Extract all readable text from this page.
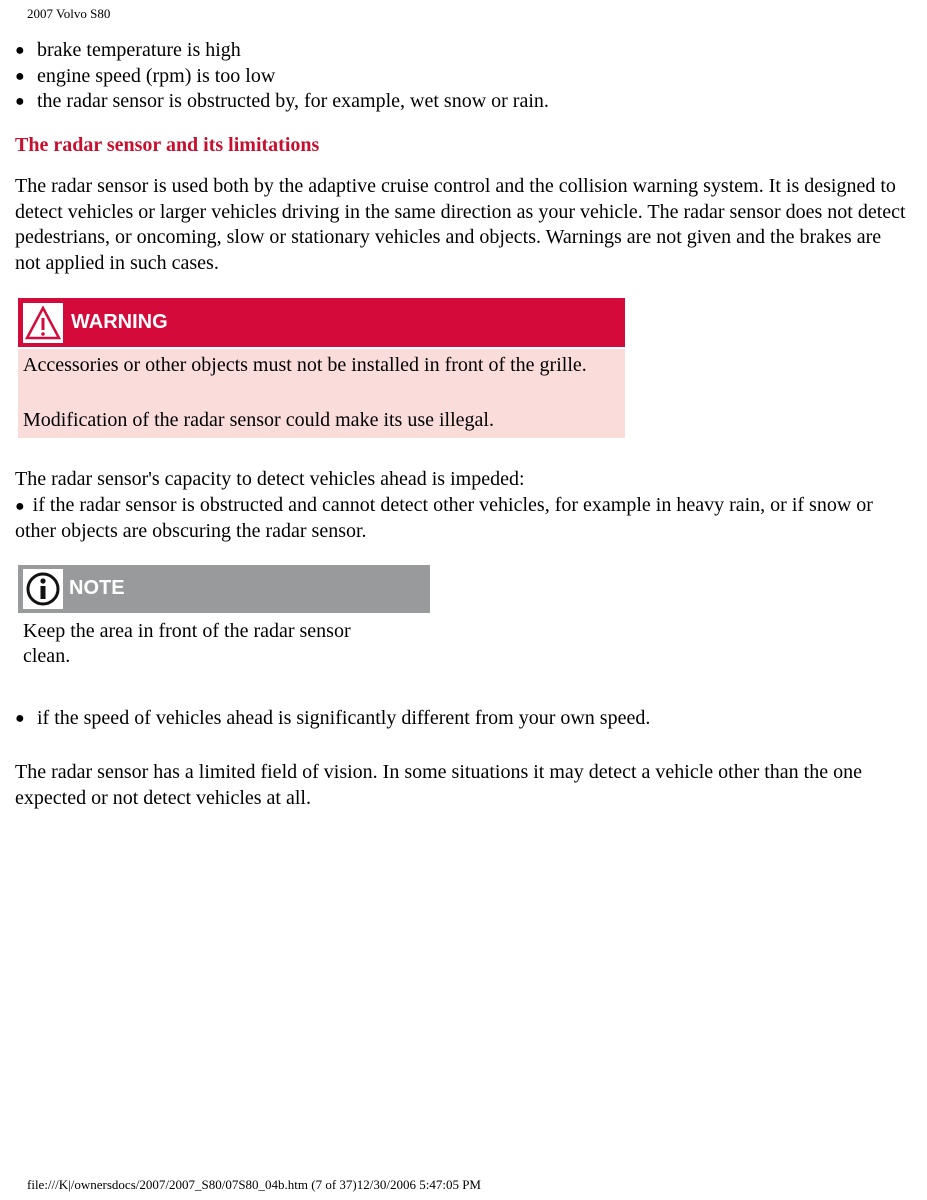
2007 Volvo S80
● brake temperature is high
● engine speed (rpm) is too low
● the radar sensor is obstructed by, for example, wet snow or rain.
The radar sensor and its limitations

The radar sensor is used both by the adaptive cruise control and the collision warning system. It is designed to detect vehicles or larger vehicles driving in the same direction as your vehicle. The radar sensor does not detect pedestrians, or oncoming, slow or stationary vehicles and objects. Warnings are not given and the brakes are not applied in such cases.

WARNING

Accessories or other objects must not be installed in front of the grille.

Modification of the radar sensor could make its use illegal.

The radar sensor's capacity to detect vehicles ahead is impeded:

●  if the radar sensor is obstructed and cannot detect other vehicles, for example in heavy rain, or if snow or other objects are obscuring the radar sensor.
NOTE

Keep the area in front of the radar sensor clean.

● if the speed of vehicles ahead is significantly different from your own speed.

The radar sensor has a limited field of vision. In some situations it may detect a vehicle other than the one expected or not detect vehicles at all.

file:///K|/ownersdocs/2007/2007_S80/07S80_04b.htm (7 of 37)12/30/2006 5:47:05 PM
